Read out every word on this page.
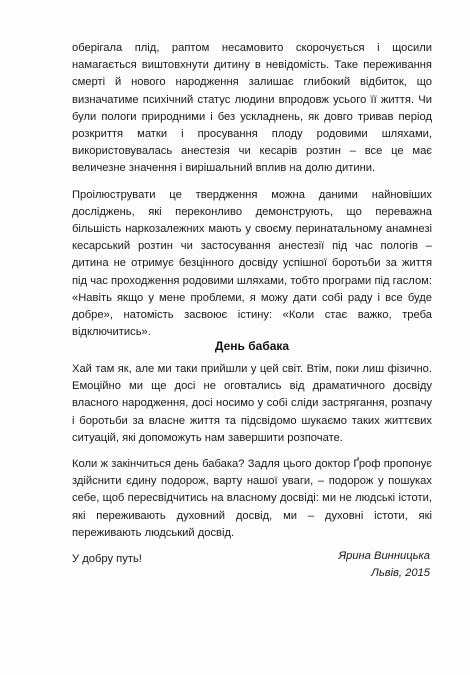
оберігала плід, раптом несамовито скорочується і щосили намагається виштовхнути дитину в невідомість. Таке переживання смерті й нового народження залишає глибокий відбиток, що визначатиме психічний статус людини впродовж усього її життя. Чи були пологи природними і без ускладнень, як довго тривав період розкриття матки і просування плоду родовими шляхами, використовувалась анестезія чи кесарів розтин – все це має величезне значення і вирішальний вплив на долю дитини.

Проілюструвати це твердження можна даними найновіших досліджень, які переконливо демонструють, що переважна більшість наркозалежних мають у своєму перинатальному анамнезі кесарський розтин чи застосування анестезії під час пологів – дитина не отримує безцінного досвіду успішної боротьби за життя під час проходження родовими шляхами, тобто програми під гаслом: «Навіть якщо у мене проблеми, я можу дати собі раду і все буде добре», натомість засвоює істину: «Коли стає важко, треба відключитись».

День бабака

Хай там як, але ми таки прийшли у цей світ. Втім, поки лиш фізично. Емоційно ми ще досі не оговтались від драматичного досвіду власного народження, досі носимо у собі сліди застрягання, розпачу і боротьби за власне життя та підсвідомо шукаємо таких життєвих ситуацій, які допоможуть нам завершити розпочате.

Коли ж закінчиться день бабака? Задля цього доктор Ґроф пропонує здійснити єдину подорож, варту нашої уваги, – подорож у пошуках себе, щоб пересвідчитись на власному досвіді: ми не людські істоти, які переживають духовний досвід, ми – духовні істоти, які переживають людський досвід.

У добру путь!	Ярина Винницька
Львів, 2015
